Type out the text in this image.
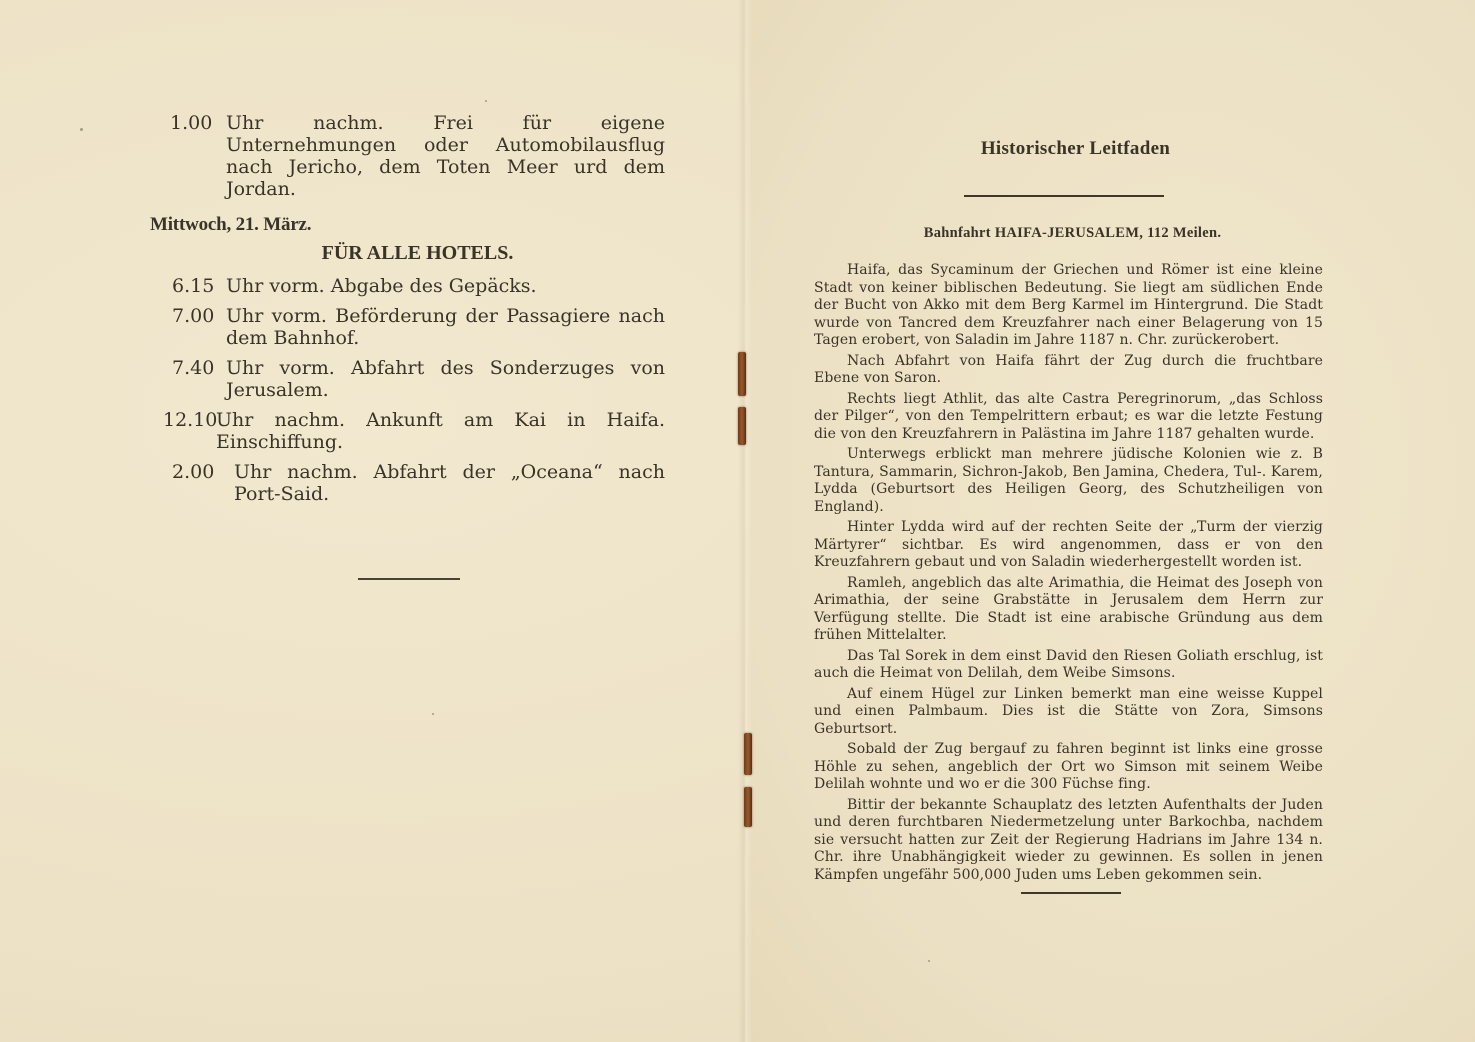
1.00 Uhr nachm. Frei für eigene Unternehmungen oder Automobilausflug nach Jericho, dem Toten Meer urd dem Jordan.
Mittwoch, 21. März.
FÜR ALLE HOTELS.
6.15 Uhr vorm. Abgabe des Gepäcks.
7.00 Uhr vorm. Beförderung der Passagiere nach dem Bahnhof.
7.40 Uhr vorm. Abfahrt des Sonderzuges von Jerusalem.
12.10
Uhr nachm. Ankunft am Kai in Haifa. Einschiffung.
2.00 Uhr nachm. Abfahrt der „Oceana“ nach Port-Said.
Historischer Leitfaden
Bahnfahrt HAIFA-JERUSALEM, 112 Meilen.

Haifa, das Sycaminum der Griechen und Römer ist eine kleine Stadt von keiner biblischen Bedeutung. Sie liegt am südlichen Ende der Bucht von Akko mit dem Berg Karmel im Hintergrund. Die Stadt wurde von Tancred dem Kreuzfahrer nach einer Belagerung von 15 Tagen erobert, von Saladin im Jahre 1187 n. Chr. zurückerobert.

Nach Abfahrt von Haifa fährt der Zug durch die fruchtbare Ebene von Saron.

Rechts liegt Athlit, das alte Castra Peregrinorum, „das Schloss der Pilger“, von den Tempelrittern erbaut; es war die letzte Festung die von den Kreuzfahrern in Palästina im Jahre 1187 gehalten wurde.

Unterwegs erblickt man mehrere jüdische Kolonien wie z. B Tantura, Sammarin, Sichron-Jakob, Ben Jamina, Chedera, Tul-. Karem, Lydda (Geburtsort des Heiligen Georg, des Schutzheiligen von England).

Hinter Lydda wird auf der rechten Seite der „Turm der vierzig Märtyrer“ sichtbar. Es wird angenommen, dass er von den Kreuzfahrern gebaut und von Saladin wiederhergestellt worden ist.

Ramleh, angeblich das alte Arimathia, die Heimat des Joseph von Arimathia, der seine Grabstätte in Jerusalem dem Herrn zur Verfügung stellte. Die Stadt ist eine arabische Gründung aus dem frühen Mittelalter.

Das Tal Sorek in dem einst David den Riesen Goliath erschlug, ist auch die Heimat von Delilah, dem Weibe Simsons.

Auf einem Hügel zur Linken bemerkt man eine weisse Kuppel und einen Palmbaum. Dies ist die Stätte von Zora, Simsons Geburtsort.

Sobald der Zug bergauf zu fahren beginnt ist links eine grosse Höhle zu sehen, angeblich der Ort wo Simson mit seinem Weibe Delilah wohnte und wo er die 300 Füchse fing.

Bittir der bekannte Schauplatz des letzten Aufenthalts der Juden und deren furchtbaren Niedermetzelung unter Barkochba, nachdem sie versucht hatten zur Zeit der Regierung Hadrians im Jahre 134 n. Chr. ihre Unabhängigkeit wieder zu gewinnen. Es sollen in jenen Kämpfen ungefähr 500,000 Juden ums Leben gekommen sein.
